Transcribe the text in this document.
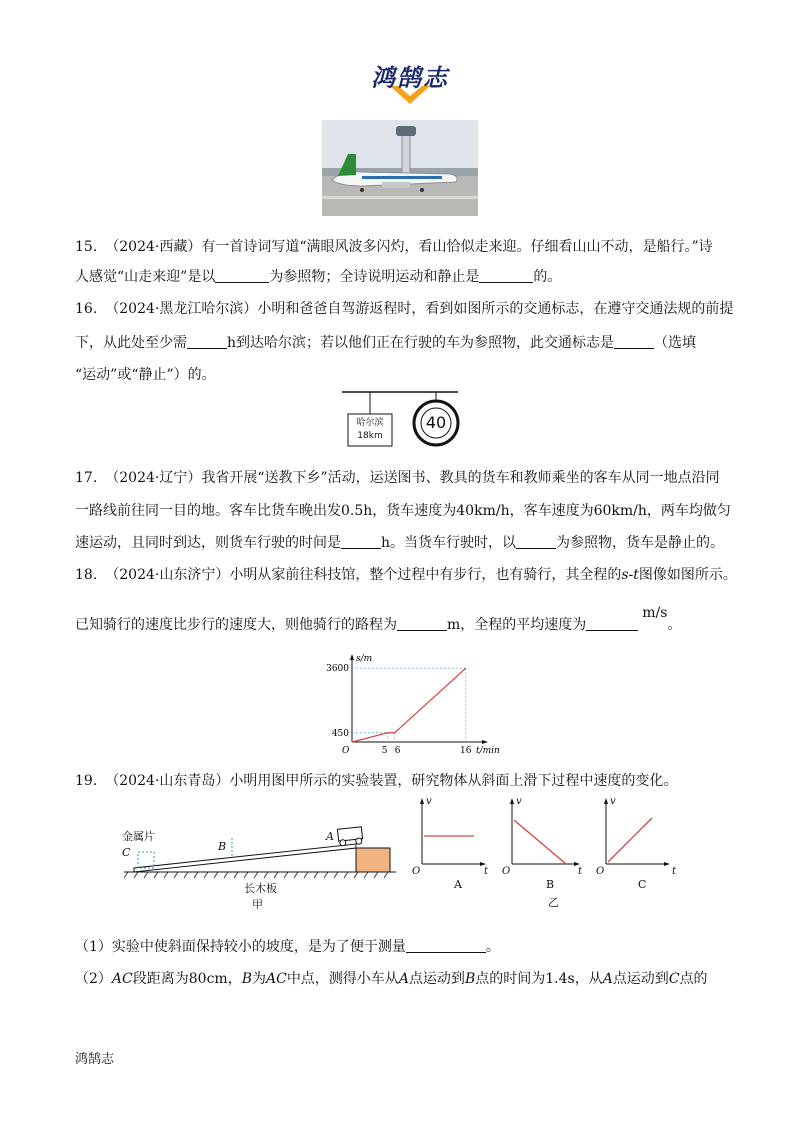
鸿鹄志
15. （2024·西藏）有一首诗词写道“满眼风波多闪灼，看山恰似走来迎。仔细看山山不动，是船行。”诗
人感觉“山走来迎”是以	为参照物；全诗说明运动和静止是	的。
16. （2024·黑龙江哈尔滨）小明和爸爸自驾游返程时，看到如图所示的交通标志，在遵守交通法规的前提
下，从此处至少需	h到达哈尔滨；若以他们正在行驶的车为参照物，此交通标志是	（选填
“运动”或“静止”）的。
哈尔滨
18km
40
17. （2024·辽宁）我省开展“送教下乡”活动，运送图书、教具的货车和教师乘坐的客车从同一地点沿同
一路线前往同一目的地。客车比货车晚出发0.5h，货车速度为40km/h，客车速度为60km/h，两车均做匀
速运动，且同时到达，则货车行驶的时间是	h。当货车行驶时，以	为参照物，货车是静止的。
18. （2024·山东济宁）小明从家前往科技馆，整个过程中有步行，也有骑行，其全程的s-t图像如图所示。
已知骑行的速度比步行的速度大，则他骑行的路程为	m，全程的平均速度为m/s。
5 6	16
450
3600
O
s/m
t/min
19. （2024·山东青岛）小明用图甲所示的实验装置，研究物体从斜面上滑下过程中速度的变化。
金属片
C	B
A
长木板
甲
v
t
O
A
v
t
O
B
v
t
O
C
乙
（1）实验中使斜面保持较小的坡度，是为了便于测量	。
（2）AC段距离为80cm，B为AC中点，测得小车从A点运动到B点的时间为1.4s，从A点运动到C点的
鸿鹄志
